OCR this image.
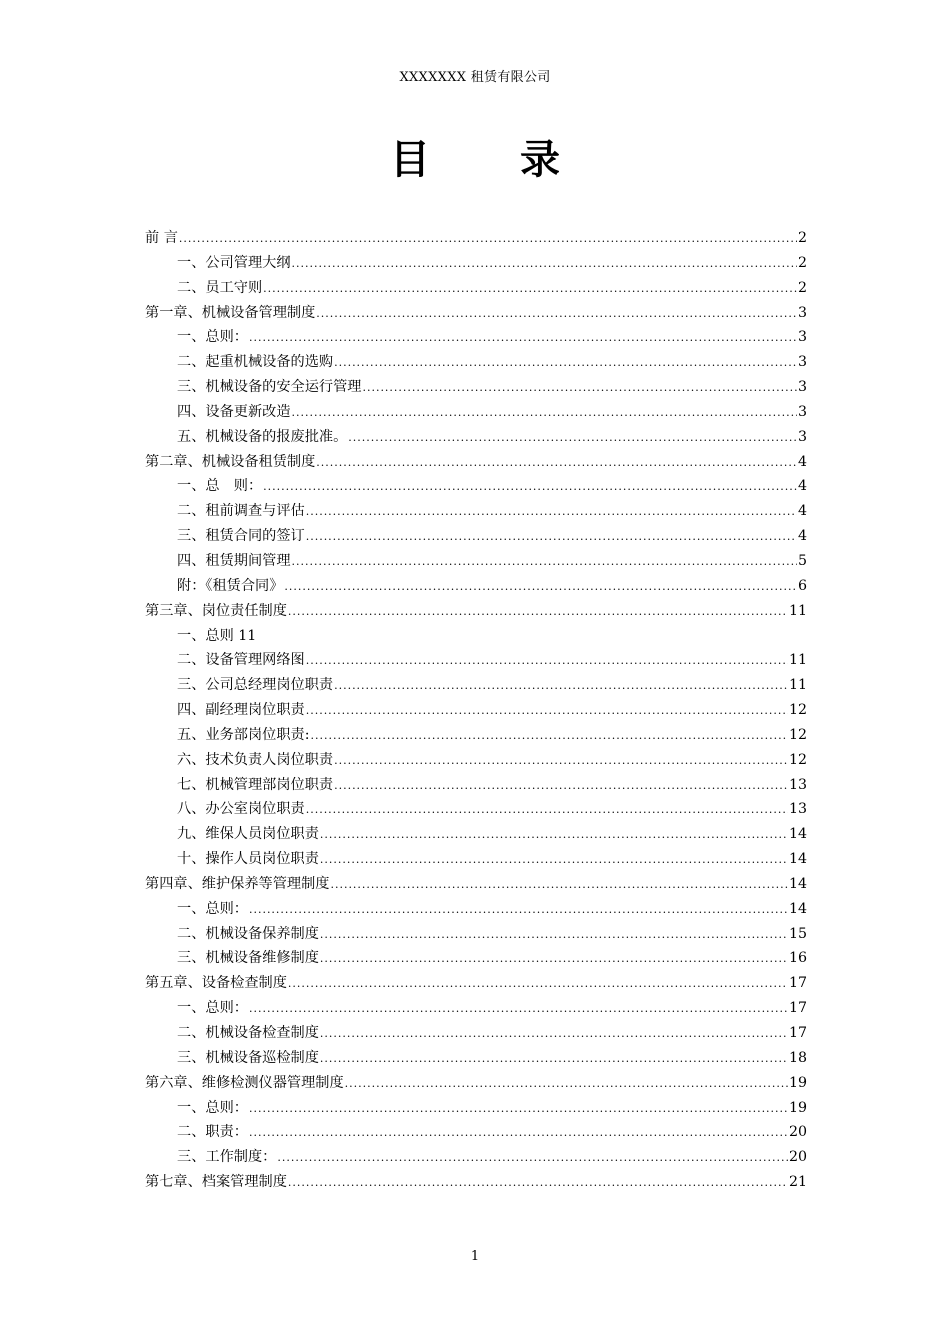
XXXXXXX 租赁有限公司
目 录
前 言 .....	2
一、公司管理大纲 .....	2
二、员工守则 .....	2
第一章、机械设备管理制度 .....	3
一、总则： .....	3
二、起重机械设备的选购 .....	3
三、机械设备的安全运行管理 .....	3
四、设备更新改造 .....	3
五、机械设备的报废批准。 .....	3
第二章、机械设备租赁制度 .....	4
一、总　则： .....	4
二、租前调查与评估 .....	4
三、租赁合同的签订 .....	4
四、租赁期间管理 .....	5
附：《租赁合同》 .....	6
第三章、岗位责任制度 .....	11
一、总则 11
二、设备管理网络图 .....	11
三、公司总经理岗位职责 .....	11
四、副经理岗位职责 .....	12
五、业务部岗位职责: .....	12
六、技术负责人岗位职责 .....	12
七、机械管理部岗位职责 .....	13
八、办公室岗位职责 .....	13
九、维保人员岗位职责 .....	14
十、操作人员岗位职责 .....	14
第四章、维护保养等管理制度 .....	14
一、总则： .....	14
二、机械设备保养制度 .....	15
三、机械设备维修制度 .....	16
第五章、设备检查制度 .....	17
一、总则： .....	17
二、机械设备检查制度 .....	17
三、机械设备巡检制度 .....	18
第六章、维修检测仪器管理制度 .....	19
一、总则： .....	19
二、职责： .....	20
三、工作制度： .....	20
第七章、档案管理制度 .....	21
1
